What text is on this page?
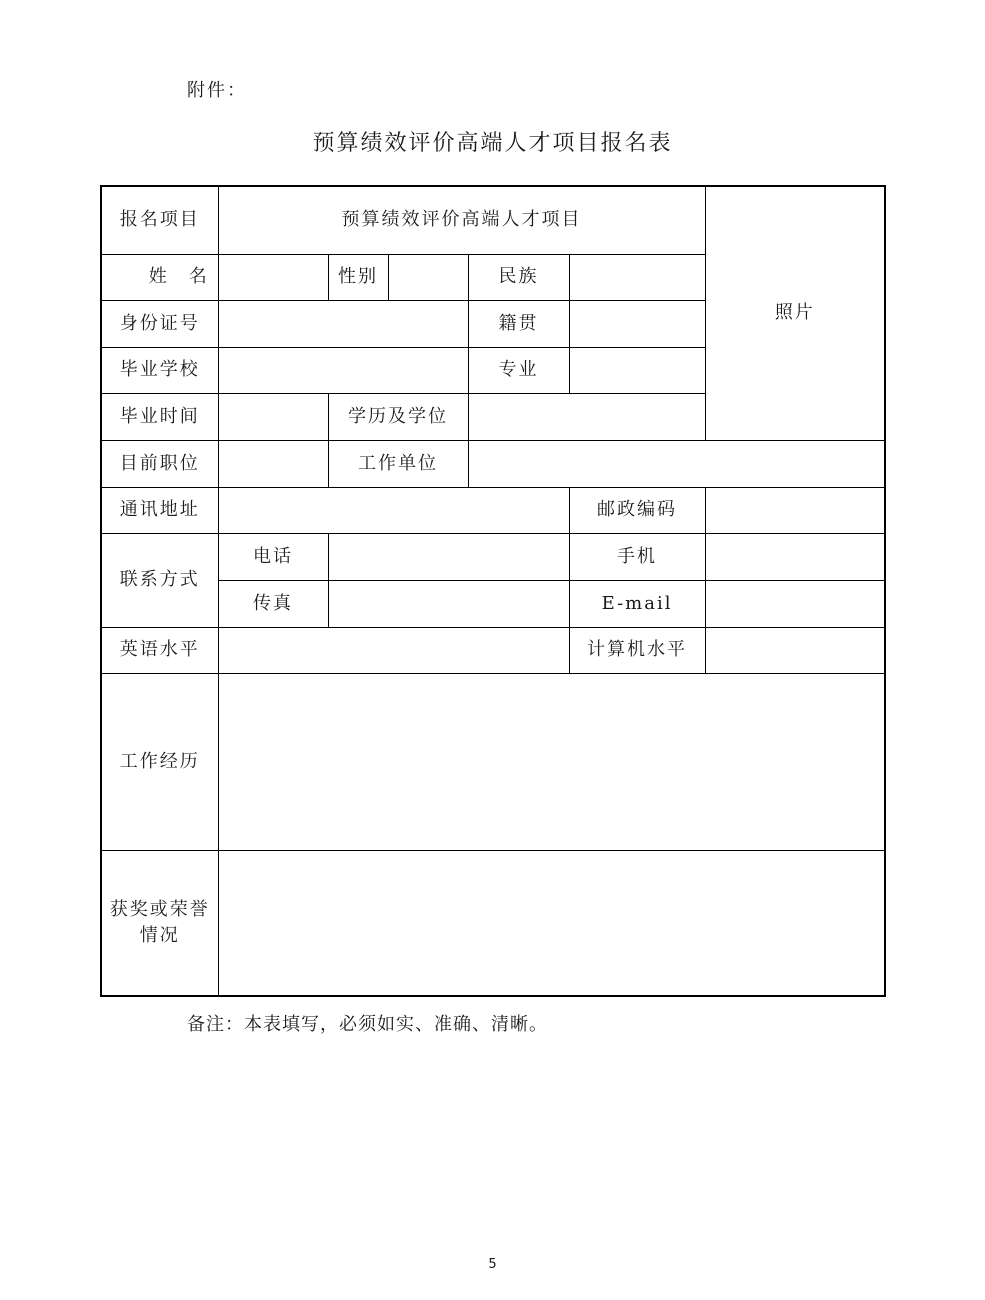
附件：
预算绩效评价高端人才项目报名表
报名项目	预算绩效评价高端人才项目					照片
姓　名		性别		民族		
身份证号				籍贯		
毕业学校				专业		
毕业时间		学历及学位				
目前职位		工作单位				
通讯地址					邮政编码	
联系方式	电话				手机	
	传真				E-mail	
英语水平					计算机水平	
工作经历						

获奖或荣誉
情况						

备注：本表填写，必须如实、准确、清晰。
5
